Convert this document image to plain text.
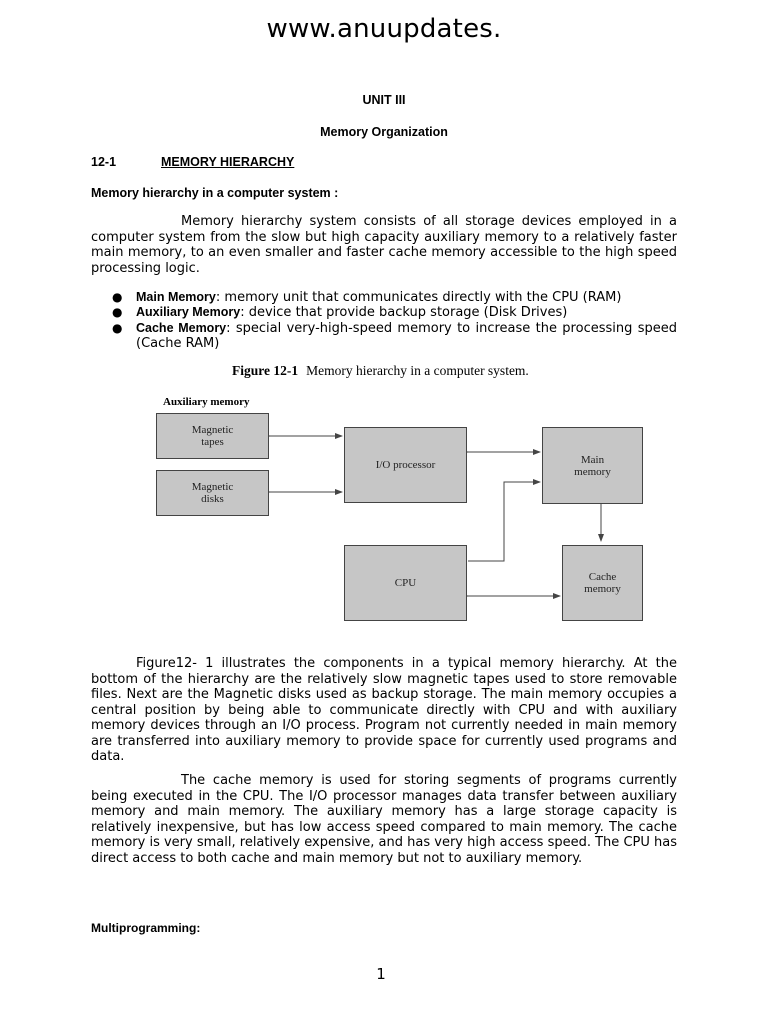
www.anuupdates.
UNIT III
Memory Organization
12-1	MEMORY HIERARCHY
Memory hierarchy in a computer system :
Memory hierarchy system consists of all storage devices employed in a computer system from the slow but high capacity auxiliary memory to a relatively faster main memory, to an even smaller and faster cache memory accessible to the high speed processing logic.
● Main Memory: memory unit that communicates directly with the CPU (RAM)
● Auxiliary Memory: device that provide backup storage (Disk Drives)
● Cache Memory: special very-high-speed memory to increase the processing speed (Cache RAM)
Figure 12-1 Memory hierarchy in a computer system.
Auxiliary memory
Magnetic
tapes
Magnetic
disks
I/O processor	Main
memory
CPU	Cache
memory
Figure12- 1 illustrates the components in a typical memory hierarchy. At the bottom of the hierarchy are the relatively slow magnetic tapes used to store removable files. Next are the Magnetic disks used as backup storage. The main memory occupies a central position by being able to communicate directly with CPU and with auxiliary memory devices through an I/O process. Program not currently needed in main memory are transferred into auxiliary memory to provide space for currently used programs and data.
The cache memory is used for storing segments of programs currently being executed in the CPU. The I/O processor manages data transfer between auxiliary memory and main memory. The auxiliary memory has a large storage capacity is relatively inexpensive, but has low access speed compared to main memory. The cache memory is very small, relatively expensive, and has very high access speed. The CPU has direct access to both cache and main memory but not to auxiliary memory.
Multiprogramming:
1
